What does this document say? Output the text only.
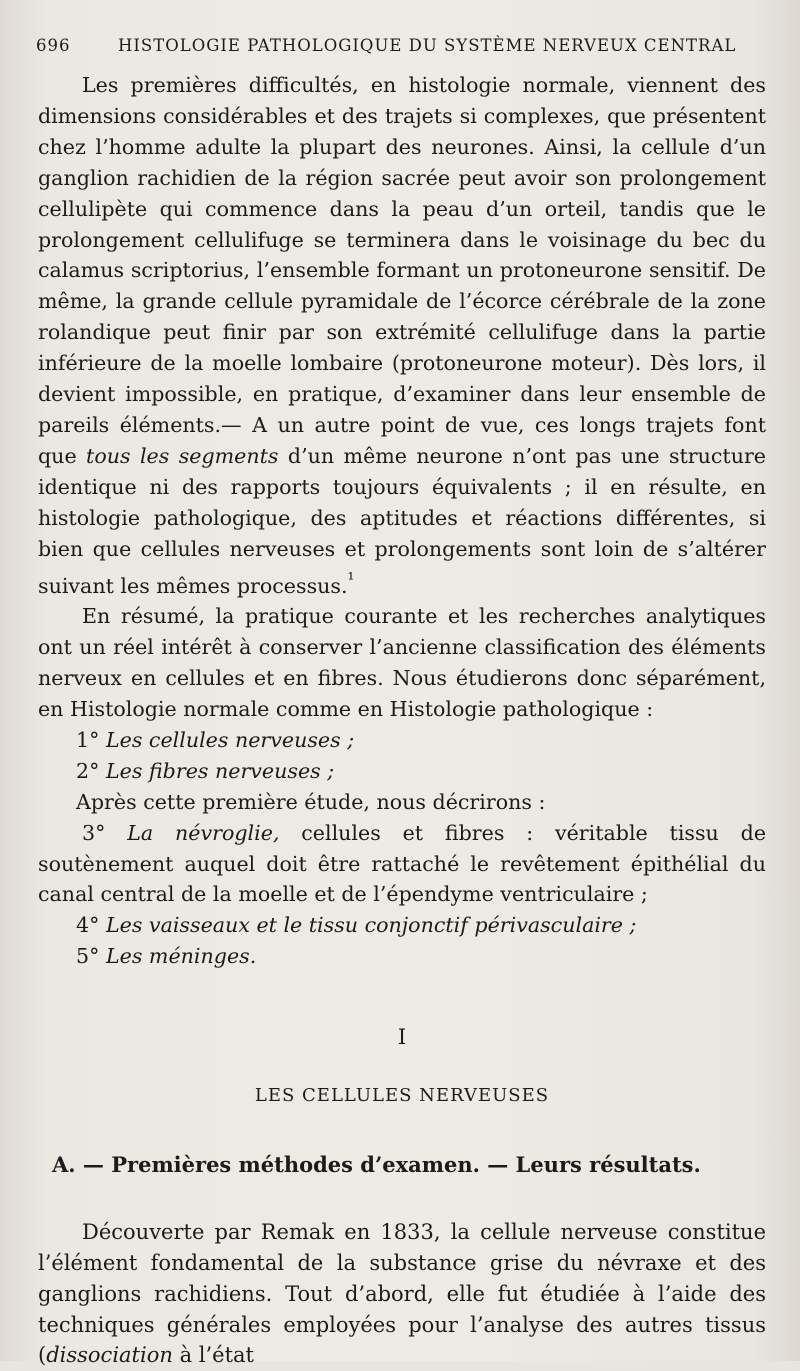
696	HISTOLOGIE PATHOLOGIQUE DU SYSTÈME NERVEUX CENTRAL

Les premières difficultés, en histologie normale, viennent des dimensions considérables et des trajets si complexes, que présentent chez l’homme adulte la plupart des neurones. Ainsi, la cellule d’un ganglion rachidien de la région sacrée peut avoir son prolongement cellulipète qui commence dans la peau d’un orteil, tandis que le prolongement cellulifuge se terminera dans le voisinage du bec du calamus scriptorius, l’ensemble formant un protoneurone sensitif. De même, la grande cellule pyramidale de l’écorce cérébrale de la zone rolandique peut finir par son extrémité cellulifuge dans la partie inférieure de la moelle lombaire (protoneurone moteur). Dès lors, il devient impossible, en pratique, d’examiner dans leur ensemble de pareils éléments.— A un autre point de vue, ces longs trajets font que tous les segments d’un même neurone n’ont pas une structure identique ni des rapports toujours équivalents ; il en résulte, en histologie pathologique, des aptitudes et réactions différentes, si bien que cellules nerveuses et prolongements sont loin de s’altérer suivant les mêmes processus.$^{^1}$

En résumé, la pratique courante et les recherches analytiques ont un réel intérêt à conserver l’ancienne classification des éléments nerveux en cellules et en fibres. Nous étudierons donc séparément, en Histologie normale comme en Histologie pathologique :

1° Les cellules nerveuses ;

2° Les fibres nerveuses ;

Après cette première étude, nous décrirons :

3° La névroglie, cellules et fibres : véritable tissu de soutènement auquel doit être rattaché le revêtement épithélial du canal central de la moelle et de l’épendyme ventriculaire ;

4° Les vaisseaux et le tissu conjonctif périvasculaire ;

5° Les méninges.

I
LES CELLULES NERVEUSES
A. — Premières méthodes d’examen. — Leurs résultats.

Découverte par Remak en 1833, la cellule nerveuse constitue l’élément fondamental de la substance grise du névraxe et des ganglions rachidiens. Tout d’abord, elle fut étudiée à l’aide des techniques générales employées pour l’analyse des autres tissus (dissociation à l’état
